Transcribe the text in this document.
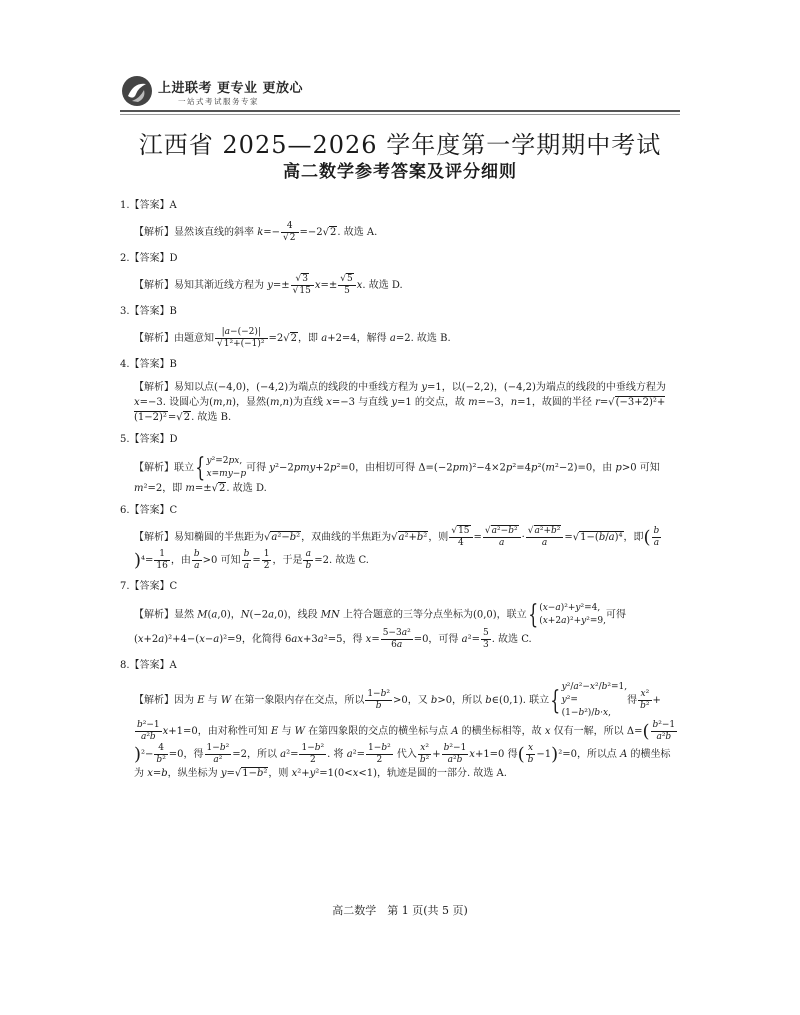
上进联考 更专业 更放心
一站式考试服务专家
江西省 2025—2026 学年度第一学期期中考试
高二数学参考答案及评分细则
1.【答案】A
【解析】显然该直线的斜率 $k=- \frac{4}{√2} =-2√2$. 故选 A.
2.【答案】D
【解析】易知其渐近线方程为 $y=\pm \frac{√3}{√15} x=\pm \frac{√5}{5} x$. 故选 D.
3.【答案】B
【解析】由题意知 $\frac{|a-(-2)|}{\text{√1²+(−1)²}} =2√2$，即 a+2=4，解得 a=2. 故选 B.
4.【答案】B
【解析】易知以点(−4,0)，(−4,2)为端点的线段的中垂线方程为 y=1，以(−2,2)，(−4,2)为端点的线段的中垂线方程为 x=−3. 设圆心为(m,n)，显然(m,n)为直线 x=−3 与直线 y=1 的交点，故 m=−3，n=1，故圆的半径 r=√(−3+2)²+(1−2)²=√2. 故选 B.
5.【答案】D
【解析】联立{ y²=2px,
x=my−p
可得 y²−2pmy+2p²=0，由相切可得 Δ=(−2pm)²−4×2p²=4p²(m²−2)=0，由 p>0 可知 m²=2，即 m=±√2. 故选 D.
6.【答案】C
【解析】易知椭圆的半焦距为√a²−b²，双曲线的半焦距为√a²+b²，则 $\frac{√15}{4} = \frac{\text{√a²−b²}}{a} \cdot \frac{\text{√a²+b²}}{a} =√1-(b/a)^4$，即( $\frac{b}{a}$
)$^4= \frac{1}{16}$ ，由 $\frac{b}{a} >0$ 可知 $\frac{b}{a} = \frac{1}{2}$ ，于是 $\frac{a}{b} =2$. 故选 C.
7.【答案】C
【解析】显然 M(a,0)，N(−2a,0)，线段 MN 上符合题意的三等分点坐标为(0,0)，联立{ (x−a)²+y²=4,
(x+2a)²+y²=9,
可得 (x+2a)²+4−(x−a)²=9，化简得 6ax+3a²=5，得 $x= \frac{\text{5−3a²}}{6a} =0$，可得 $a^2= \frac{5}{3}$ . 故选 C.
8.【答案】A
【解析】因为 E 与 W 在第一象限内存在交点，所以 $\frac{\text{1−b²}}{b} >0$，又 b>0，所以 b∈(0,1). 联立{ y²/a²−x²/b²=1,
y²=
(1−b²)/b·x,
得 $\frac{\text{x²}}{\text{b²}}$ +
$\frac{\text{b²−1}}{\text{a²b}} x+1=0$，由对称性可知 E 与 W 在第四象限的交点的横坐标与点 A 的横坐标相等，故 x 仅有一解，所以 $\Delta=( \frac{\text{b²−1}}{\text{a²b}}$
)$^2- \frac{4}{\text{b²}} =0$，得 $\frac{\text{1−b²}}{\text{a²}} =2$，所以 $a^2= \frac{\text{1−b²}}{2}$ . 将 $a^2= \frac{\text{1−b²}}{2}$ 代入 $\frac{\text{x²}}{\text{b²}} + \frac{\text{b²−1}}{\text{a²b}} x+1=0$ 得( $\frac{x}{b} -1)^2=0$，所以点 A 的横坐标为 x=b，纵坐标为 y=√1−b²，则 x²+y²=1(0<x<1)，轨迹是圆的一部分. 故选 A.
高二数学　第 1 页(共 5 页)
